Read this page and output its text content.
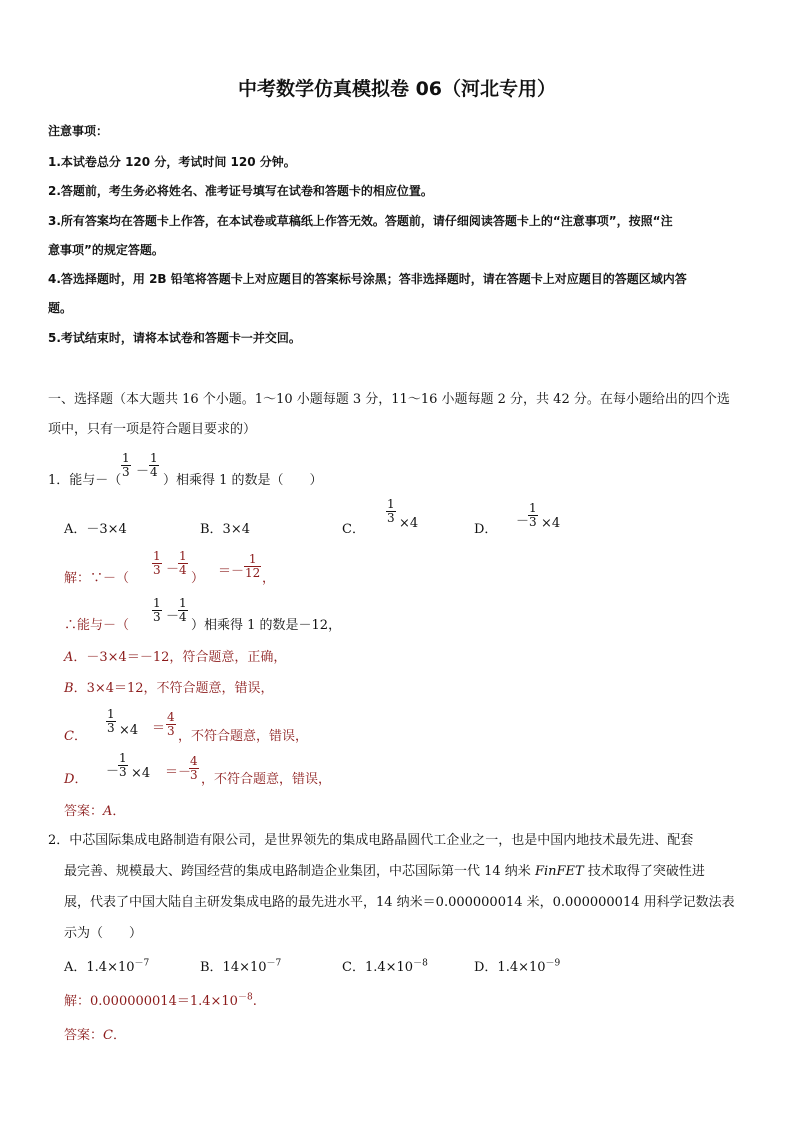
中考数学仿真模拟卷 06（河北专用）
注意事项：
1.本试卷总分 120 分，考试时间 120 分钟。
2.答题前，考生务必将姓名、准考证号填写在试卷和答题卡的相应位置。
3.所有答案均在答题卡上作答，在本试卷或草稿纸上作答无效。答题前，请仔细阅读答题卡上的“注意事项”，按照“注
意事项”的规定答题。
4.答选择题时，用 2B 铅笔将答题卡上对应题目的答案标号涂黑；答非选择题时，请在答题卡上对应题目的答题区域内答
题。
5.考试结束时，请将本试卷和答题卡一并交回。
一、选择题（本大题共 16 个小题。1～10 小题每题 3 分，11～16 小题每题 2 分，共 42 分。在每小题给出的四个选
项中，只有一项是符合题目要求的）
1．能与－（
$\frac{1}{3} - \frac{1}{4}$
）相乘得 1 的数是（　　）
A．－3×4	B．3×4	C．
$\frac{1}{3} \times 4$	D．
－
$\frac{1}{3} \times 4$
解：∵－（
$\frac{1}{3}$ －
$\frac{1}{4}$
） ＝－ $\frac{1}{12}$ ，
∴能与－（
$\frac{1}{3}$ －
$\frac{1}{4}$
）相乘得 1 的数是－12，
A．－3×4＝－12，符合题意，正确，
B．3×4＝12，不符合题意，错误，
C．
$\frac{1}{3} \times 4 = \frac{4}{3}$ ，不符合题意，错误，
D．
－
$\frac{1}{3} \times 4$ ＝－
$\frac{4}{3}$ ，不符合题意，错误，
答案：A．
2．中芯国际集成电路制造有限公司，是世界领先的集成电路晶圆代工企业之一，也是中国内地技术最先进、配套
最完善、规模最大、跨国经营的集成电路制造企业集团，中芯国际第一代 14 纳米 FinFET 技术取得了突破性进
展，代表了中国大陆自主研发集成电路的最先进水平，14 纳米＝0.000000014 米，0.000000014 用科学记数法表
示为（　　）
A．$1.4\times 10^{-7}$	B．$14\times 10^{-7}$	C．$1.4\times 10^{-8}$	D．$1.4\times 10^{-9}$
解：$0.000000014=1.4\times 10^{-8}$.
答案：C．
